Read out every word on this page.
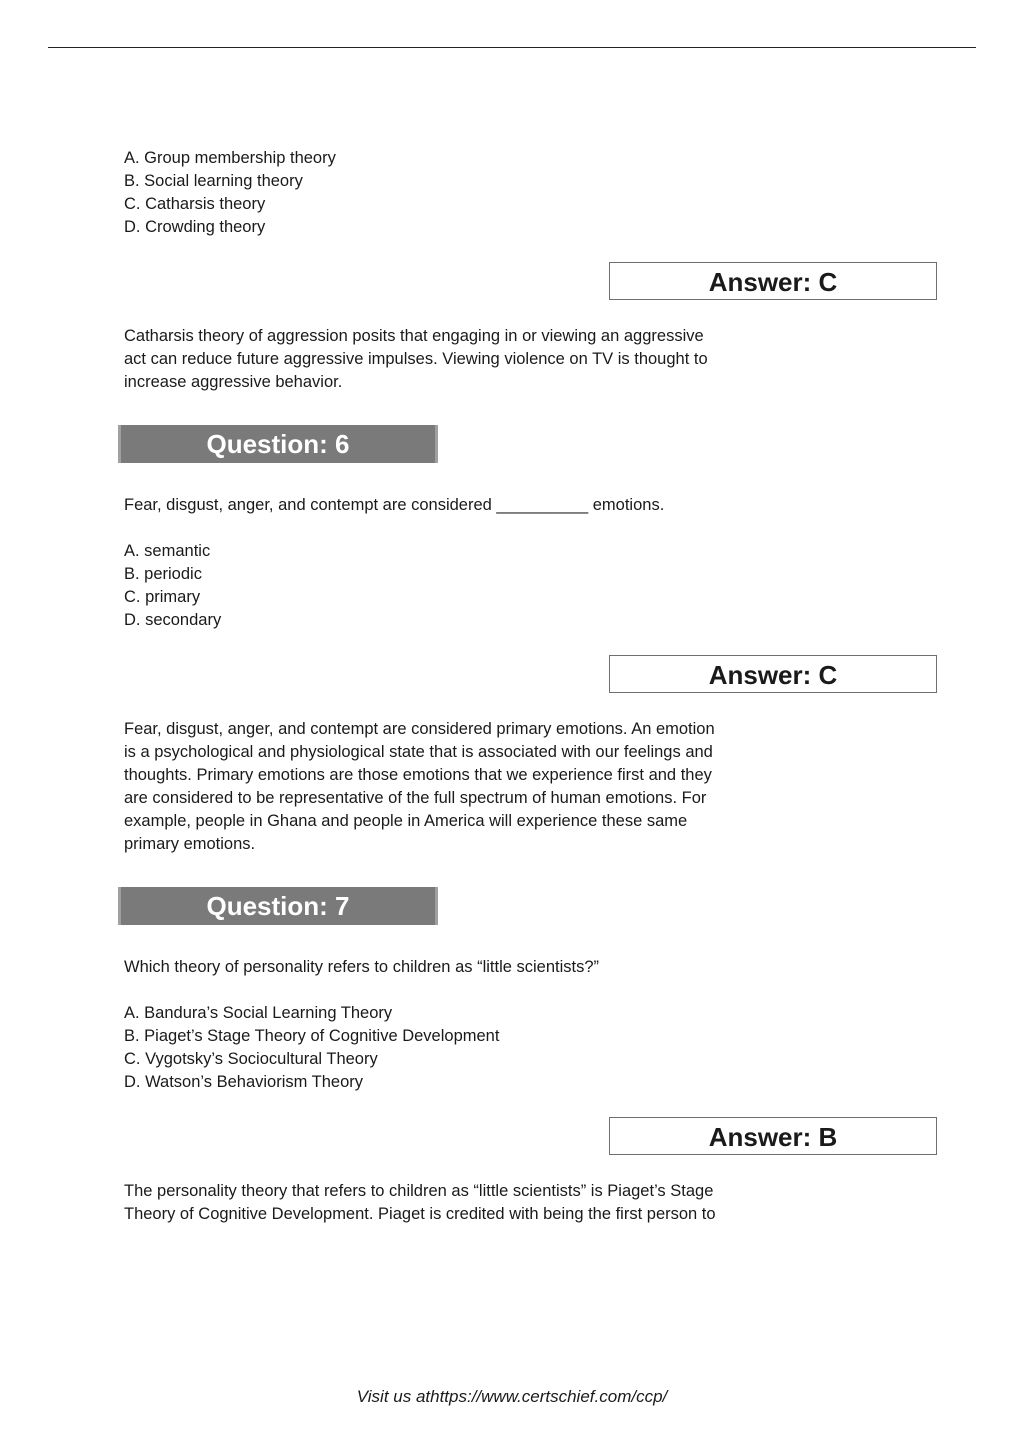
A. Group membership theory
B. Social learning theory
C. Catharsis theory
D. Crowding theory
Answer: C
Catharsis theory of aggression posits that engaging in or viewing an aggressive
act can reduce future aggressive impulses. Viewing violence on TV is thought to
increase aggressive behavior.
Question: 6
Fear, disgust, anger, and contempt are considered __________ emotions.
A. semantic
B. periodic
C. primary
D. secondary
Answer: C
Fear, disgust, anger, and contempt are considered primary emotions. An emotion
is a psychological and physiological state that is associated with our feelings and
thoughts. Primary emotions are those emotions that we experience first and they
are considered to be representative of the full spectrum of human emotions. For
example, people in Ghana and people in America will experience these same
primary emotions.
Question: 7
Which theory of personality refers to children as “little scientists?”
A. Bandura’s Social Learning Theory
B. Piaget’s Stage Theory of Cognitive Development
C. Vygotsky’s Sociocultural Theory
D. Watson’s Behaviorism Theory
Answer: B
The personality theory that refers to children as “little scientists” is Piaget’s Stage
Theory of Cognitive Development. Piaget is credited with being the first person to
Visit us athttps://www.certschief.com/ccp/
